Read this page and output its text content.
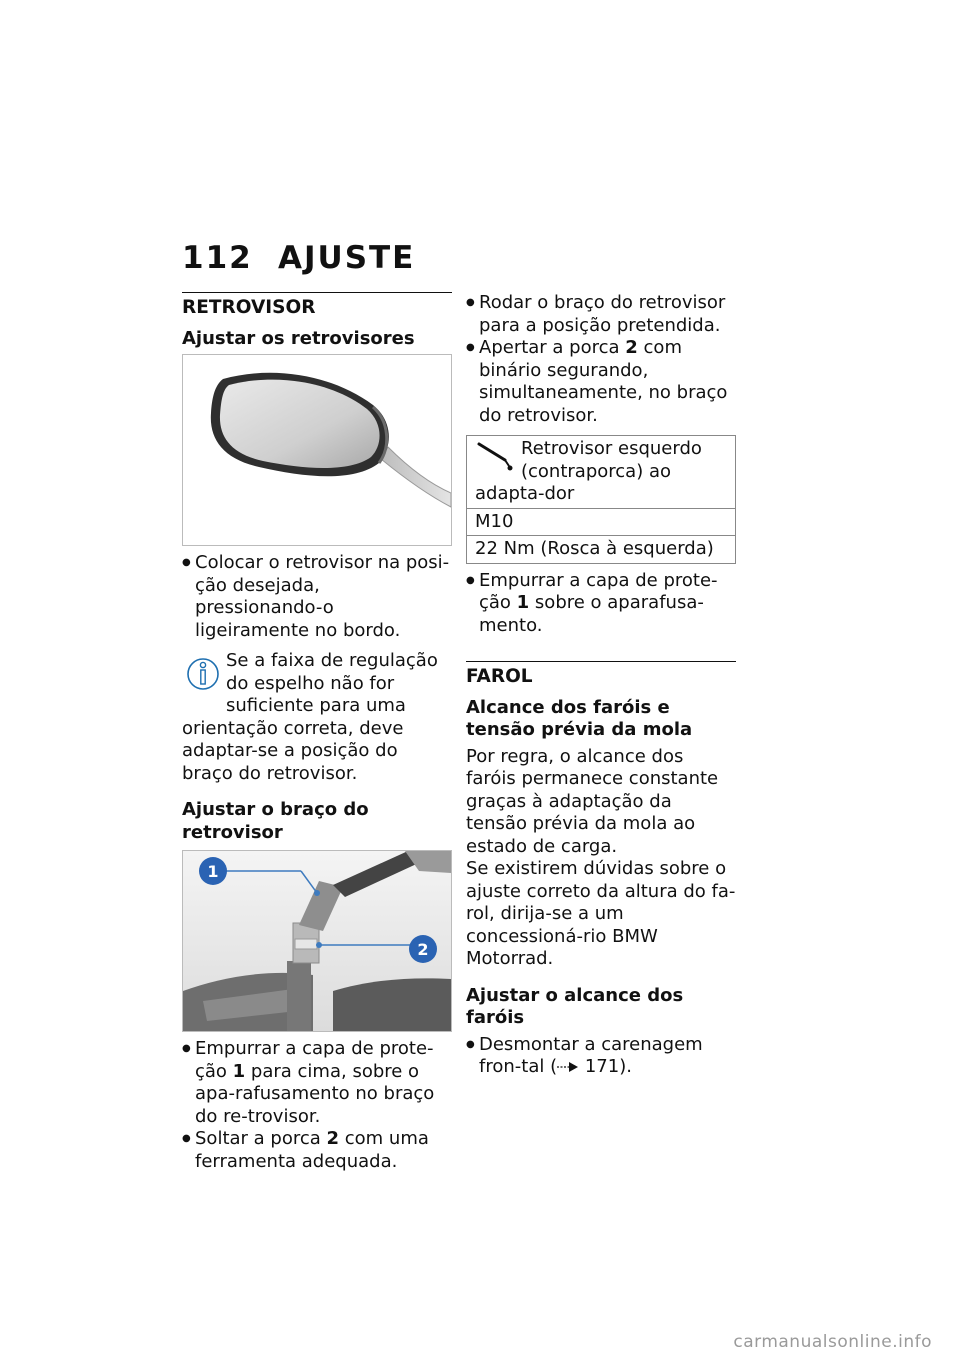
112 AJUSTE
RETROVISOR
Ajustar os retrovisores
● Colocar o retrovisor na posi-ção desejada, pressionando-o ligeiramente no bordo.
Se a faixa de regulação do espelho não for suficiente para uma orientação correta, deve adaptar-se a posição do braço do retrovisor.
Ajustar o braço do retrovisor
1
2
● Empurrar a capa de prote-ção 1 para cima, sobre o apa-rafusamento no braço do re-trovisor.
● Soltar a porca 2 com uma ferramenta adequada.
● Rodar o braço do retrovisor para a posição pretendida.
● Apertar a porca 2 com binário segurando, simultaneamente, no braço do retrovisor.
Retrovisor esquerdo (contraporca) ao adapta-dor
M10
22 Nm (Rosca à esquerda)
● Empurrar a capa de prote-ção 1 sobre o aparafusa-mento.
FAROL
Alcance dos faróis e tensão prévia da mola

Por regra, o alcance dos faróis permanece constante graças à adaptação da tensão prévia da mola ao estado de carga.

Se existirem dúvidas sobre o ajuste correto da altura do fa-rol, dirija-se a um concessioná-rio BMW Motorrad.

Ajustar o alcance dos faróis
● Desmontar a carenagem fron-tal ( 171).
carmanualsonline.info
